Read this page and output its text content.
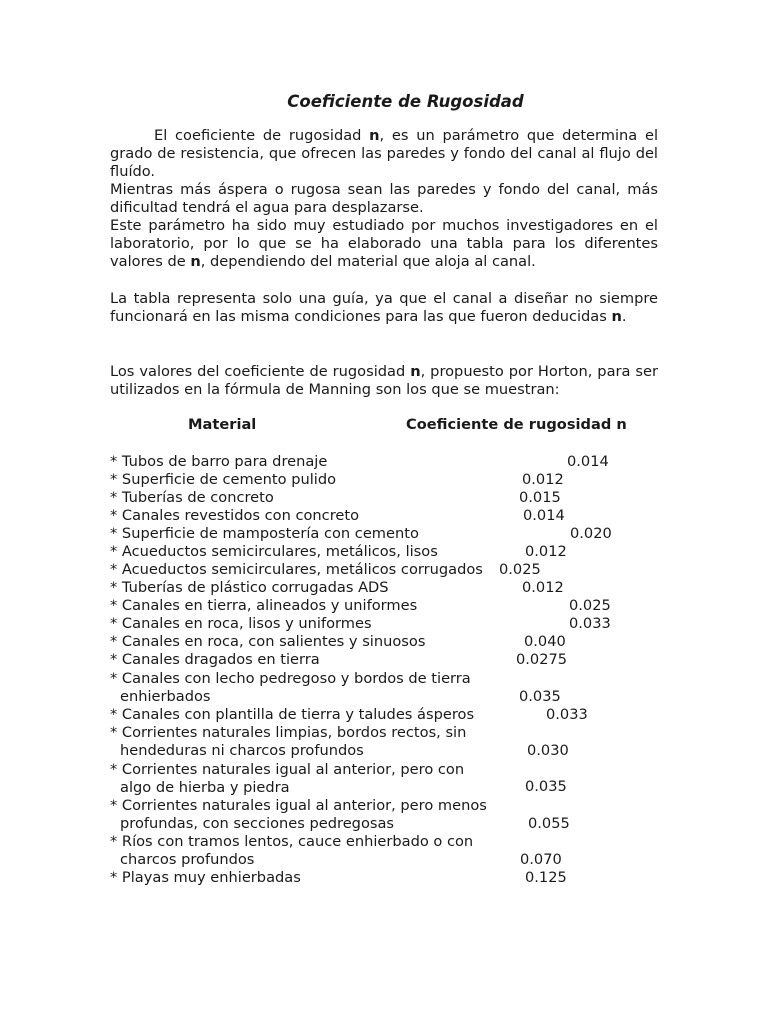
Coeficiente de Rugosidad

El coeficiente de rugosidad n, es un parámetro que determina el grado de resistencia, que ofrecen las paredes y fondo del canal al flujo del fluído.

Mientras más áspera o rugosa sean las paredes y fondo del canal, más dificultad tendrá el agua para desplazarse.

Este parámetro ha sido muy estudiado por muchos investigadores en el laboratorio, por lo que se ha elaborado una tabla para los diferentes valores de n, dependiendo del material que aloja al canal.

La tabla representa solo una guía, ya que el canal a diseñar no siempre funcionará en las misma condiciones para las que fueron deducidas n.

Los valores del coeficiente de rugosidad n, propuesto por Horton, para ser utilizados en la fórmula de Manning son los que se muestran:

Material	Coeficiente de rugosidad n
* Tubos de barro para drenaje	0.014
* Superficie de cemento pulido	0.012
* Tuberías de concreto	0.015
* Canales revestidos con concreto	0.014
* Superficie de mampostería con cemento	0.020
* Acueductos semicirculares, metálicos, lisos	0.012
* Acueductos semicirculares, metálicos corrugados 0.025
* Tuberías de plástico corrugadas ADS	0.012
* Canales en tierra, alineados y uniformes	0.025
* Canales en roca, lisos y uniformes	0.033
* Canales en roca, con salientes y sinuosos	0.040
* Canales dragados en tierra	0.0275
* Canales con lecho pedregoso y bordos de tierra
enhierbados	0.035
* Canales con plantilla de tierra y taludes ásperos	0.033
* Corrientes naturales limpias, bordos rectos, sin
hendeduras ni charcos profundos	0.030
* Corrientes naturales igual al anterior, pero con
algo de hierba y piedra	0.035
* Corrientes naturales igual al anterior, pero menos
profundas, con secciones pedregosas	0.055
* Ríos con tramos lentos, cauce enhierbado o con
charcos profundos	0.070
* Playas muy enhierbadas	0.125
